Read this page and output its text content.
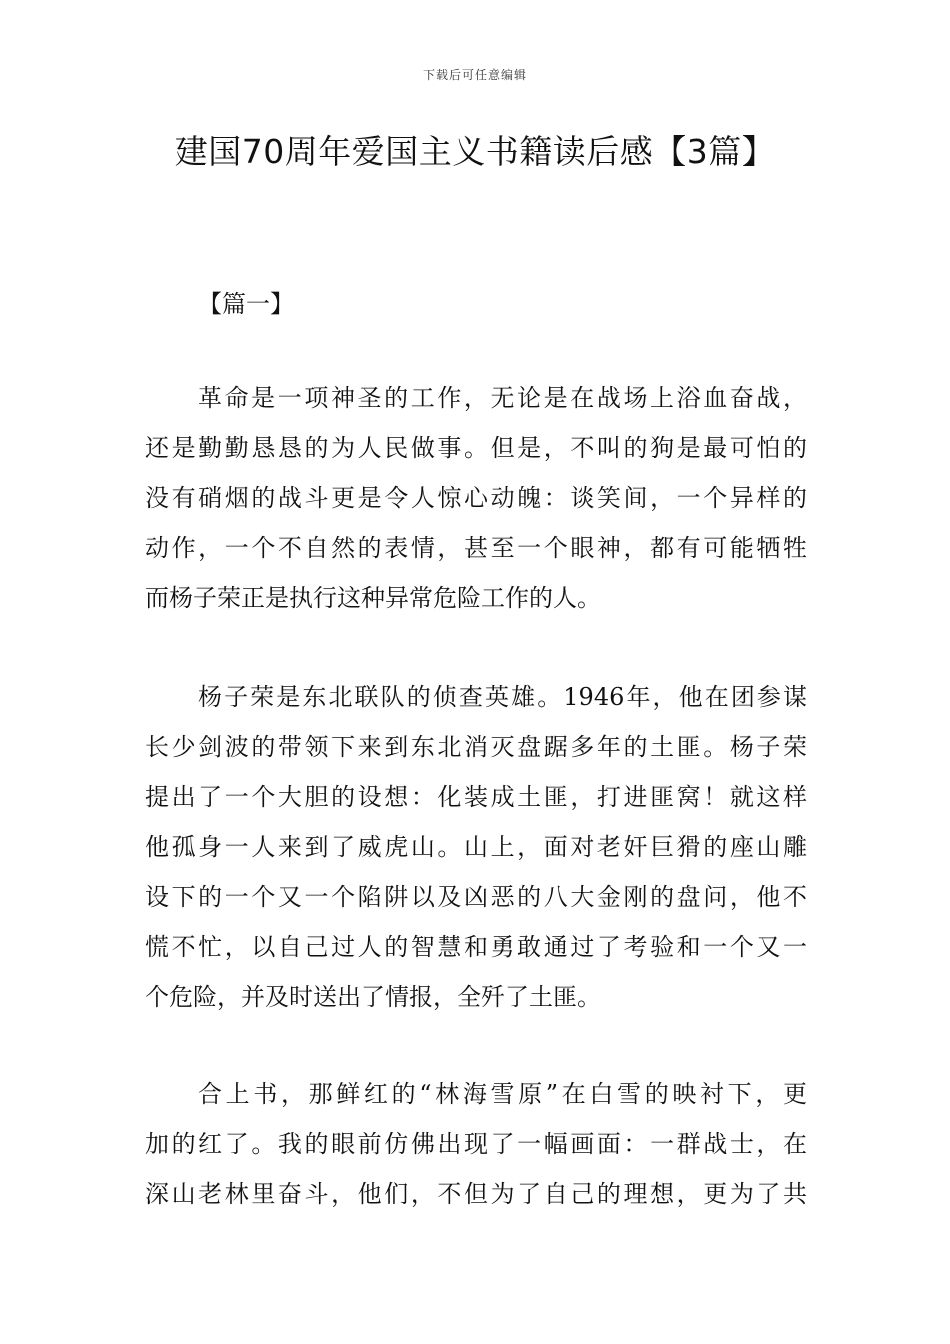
下载后可任意编辑
建国70周年爱国主义书籍读后感【3篇】
【篇一】
革命是一项神圣的工作，无论是在战场上浴血奋战，
还是勤勤恳恳的为人民做事。但是，不叫的狗是最可怕的
没有硝烟的战斗更是令人惊心动魄：谈笑间，一个异样的
动作，一个不自然的表情，甚至一个眼神，都有可能牺牲
而杨子荣正是执行这种异常危险工作的人。
杨子荣是东北联队的侦查英雄。1946年，他在团参谋
长少剑波的带领下来到东北消灭盘踞多年的土匪。杨子荣
提出了一个大胆的设想：化装成土匪，打进匪窝！就这样
他孤身一人来到了威虎山。山上，面对老奸巨猾的座山雕
设下的一个又一个陷阱以及凶恶的八大金刚的盘问，他不
慌不忙，以自己过人的智慧和勇敢通过了考验和一个又一
个危险，并及时送出了情报，全歼了土匪。
合上书，那鲜红的“林海雪原”在白雪的映衬下，更
加的红了。我的眼前仿佛出现了一幅画面：一群战士，在
深山老林里奋斗，他们，不但为了自己的理想，更为了共
